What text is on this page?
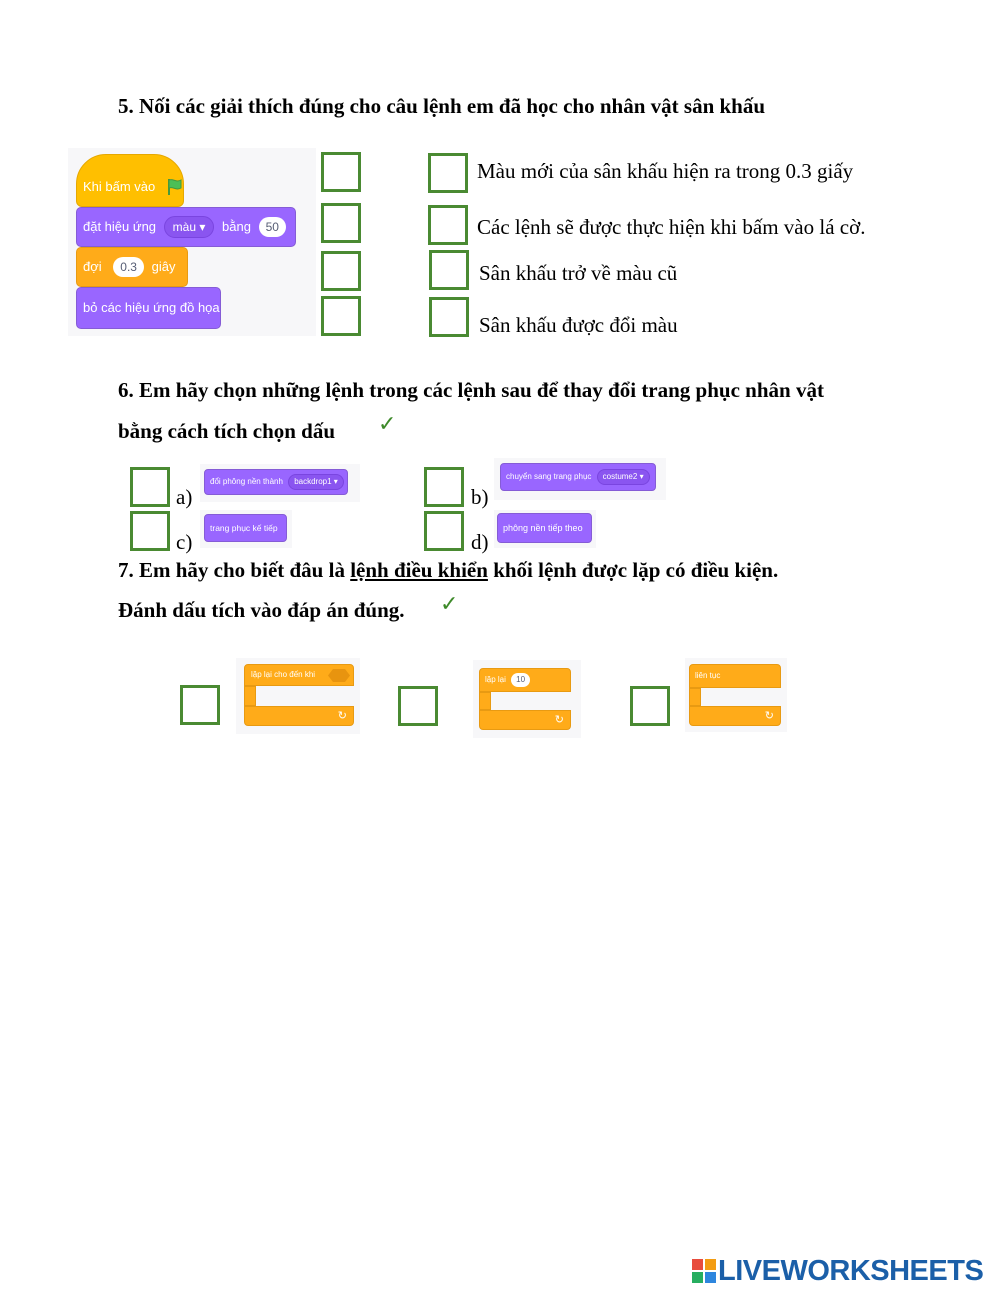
5. Nối các giải thích đúng cho câu lệnh em đã học cho nhân vật sân khấu
Khi bấm vào
đặt hiệu ứng màu ▾ bằng 50
đợi 0.3 giây
bỏ các hiệu ứng đồ họa
Màu mới của sân khấu hiện ra trong 0.3 giấy
Các lệnh sẽ được thực hiện khi bấm vào lá cờ.
Sân khấu trở về màu cũ
Sân khấu được đổi màu
6. Em hãy chọn những lệnh trong các lệnh sau để thay đổi trang phục nhân vật
bằng cách tích chọn dấu ✓
a)
đổi phông nền thành backdrop1 ▾
b)
chuyển sang trang phục costume2 ▾
c)
trang phục kế tiếp
d)
phông nền tiếp theo
7. Em hãy cho biết đâu là lệnh điều khiển khối lệnh được lặp có điều kiện.
Đánh dấu tích vào đáp án đúng. ✓
lặp lại cho đến khi
↻
lặp lại 10
↻
liên tục
↻
LIVEWORKSHEETS
